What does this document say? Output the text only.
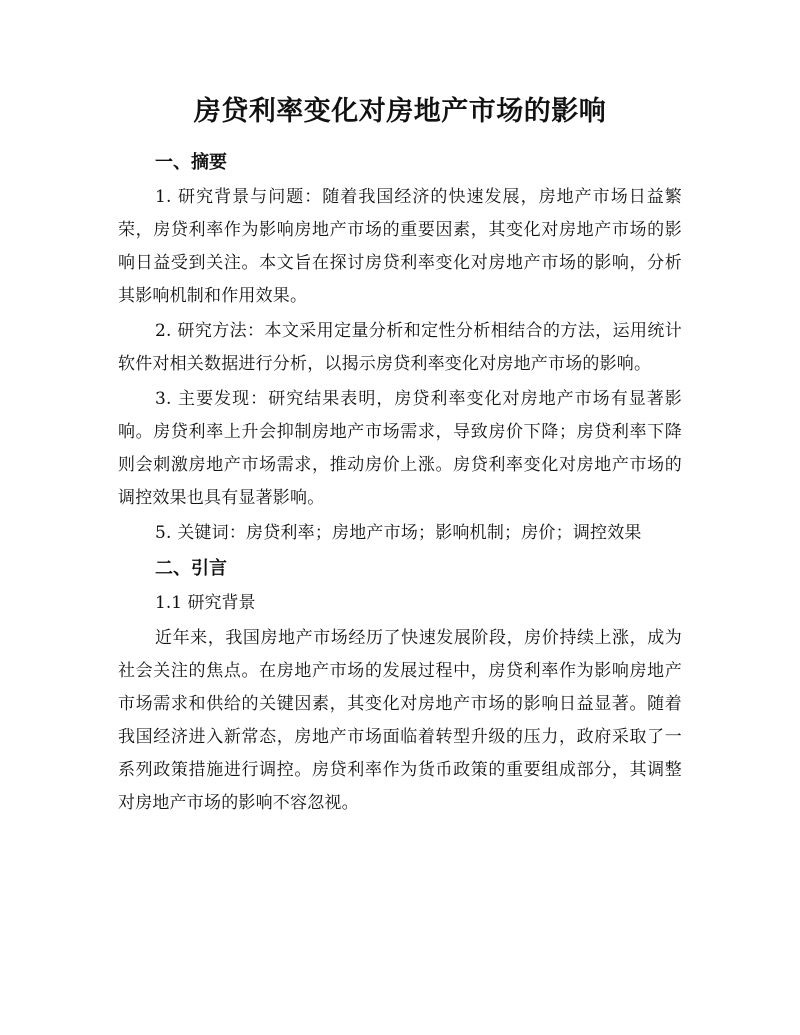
房贷利率变化对房地产市场的影响

一、摘要

1. 研究背景与问题：随着我国经济的快速发展，房地产市场日益繁荣，房贷利率作为影响房地产市场的重要因素，其变化对房地产市场的影响日益受到关注。本文旨在探讨房贷利率变化对房地产市场的影响，分析其影响机制和作用效果。

2. 研究方法：本文采用定量分析和定性分析相结合的方法，运用统计软件对相关数据进行分析，以揭示房贷利率变化对房地产市场的影响。

3. 主要发现：研究结果表明，房贷利率变化对房地产市场有显著影响。房贷利率上升会抑制房地产市场需求，导致房价下降；房贷利率下降则会刺激房地产市场需求，推动房价上涨。房贷利率变化对房地产市场的调控效果也具有显著影响。

5. 关键词：房贷利率；房地产市场；影响机制；房价；调控效果

二、引言

1.1 研究背景

近年来，我国房地产市场经历了快速发展阶段，房价持续上涨，成为社会关注的焦点。在房地产市场的发展过程中，房贷利率作为影响房地产市场需求和供给的关键因素，其变化对房地产市场的影响日益显著。随着我国经济进入新常态，房地产市场面临着转型升级的压力，政府采取了一系列政策措施进行调控。房贷利率作为货币政策的重要组成部分，其调整对房地产市场的影响不容忽视。
